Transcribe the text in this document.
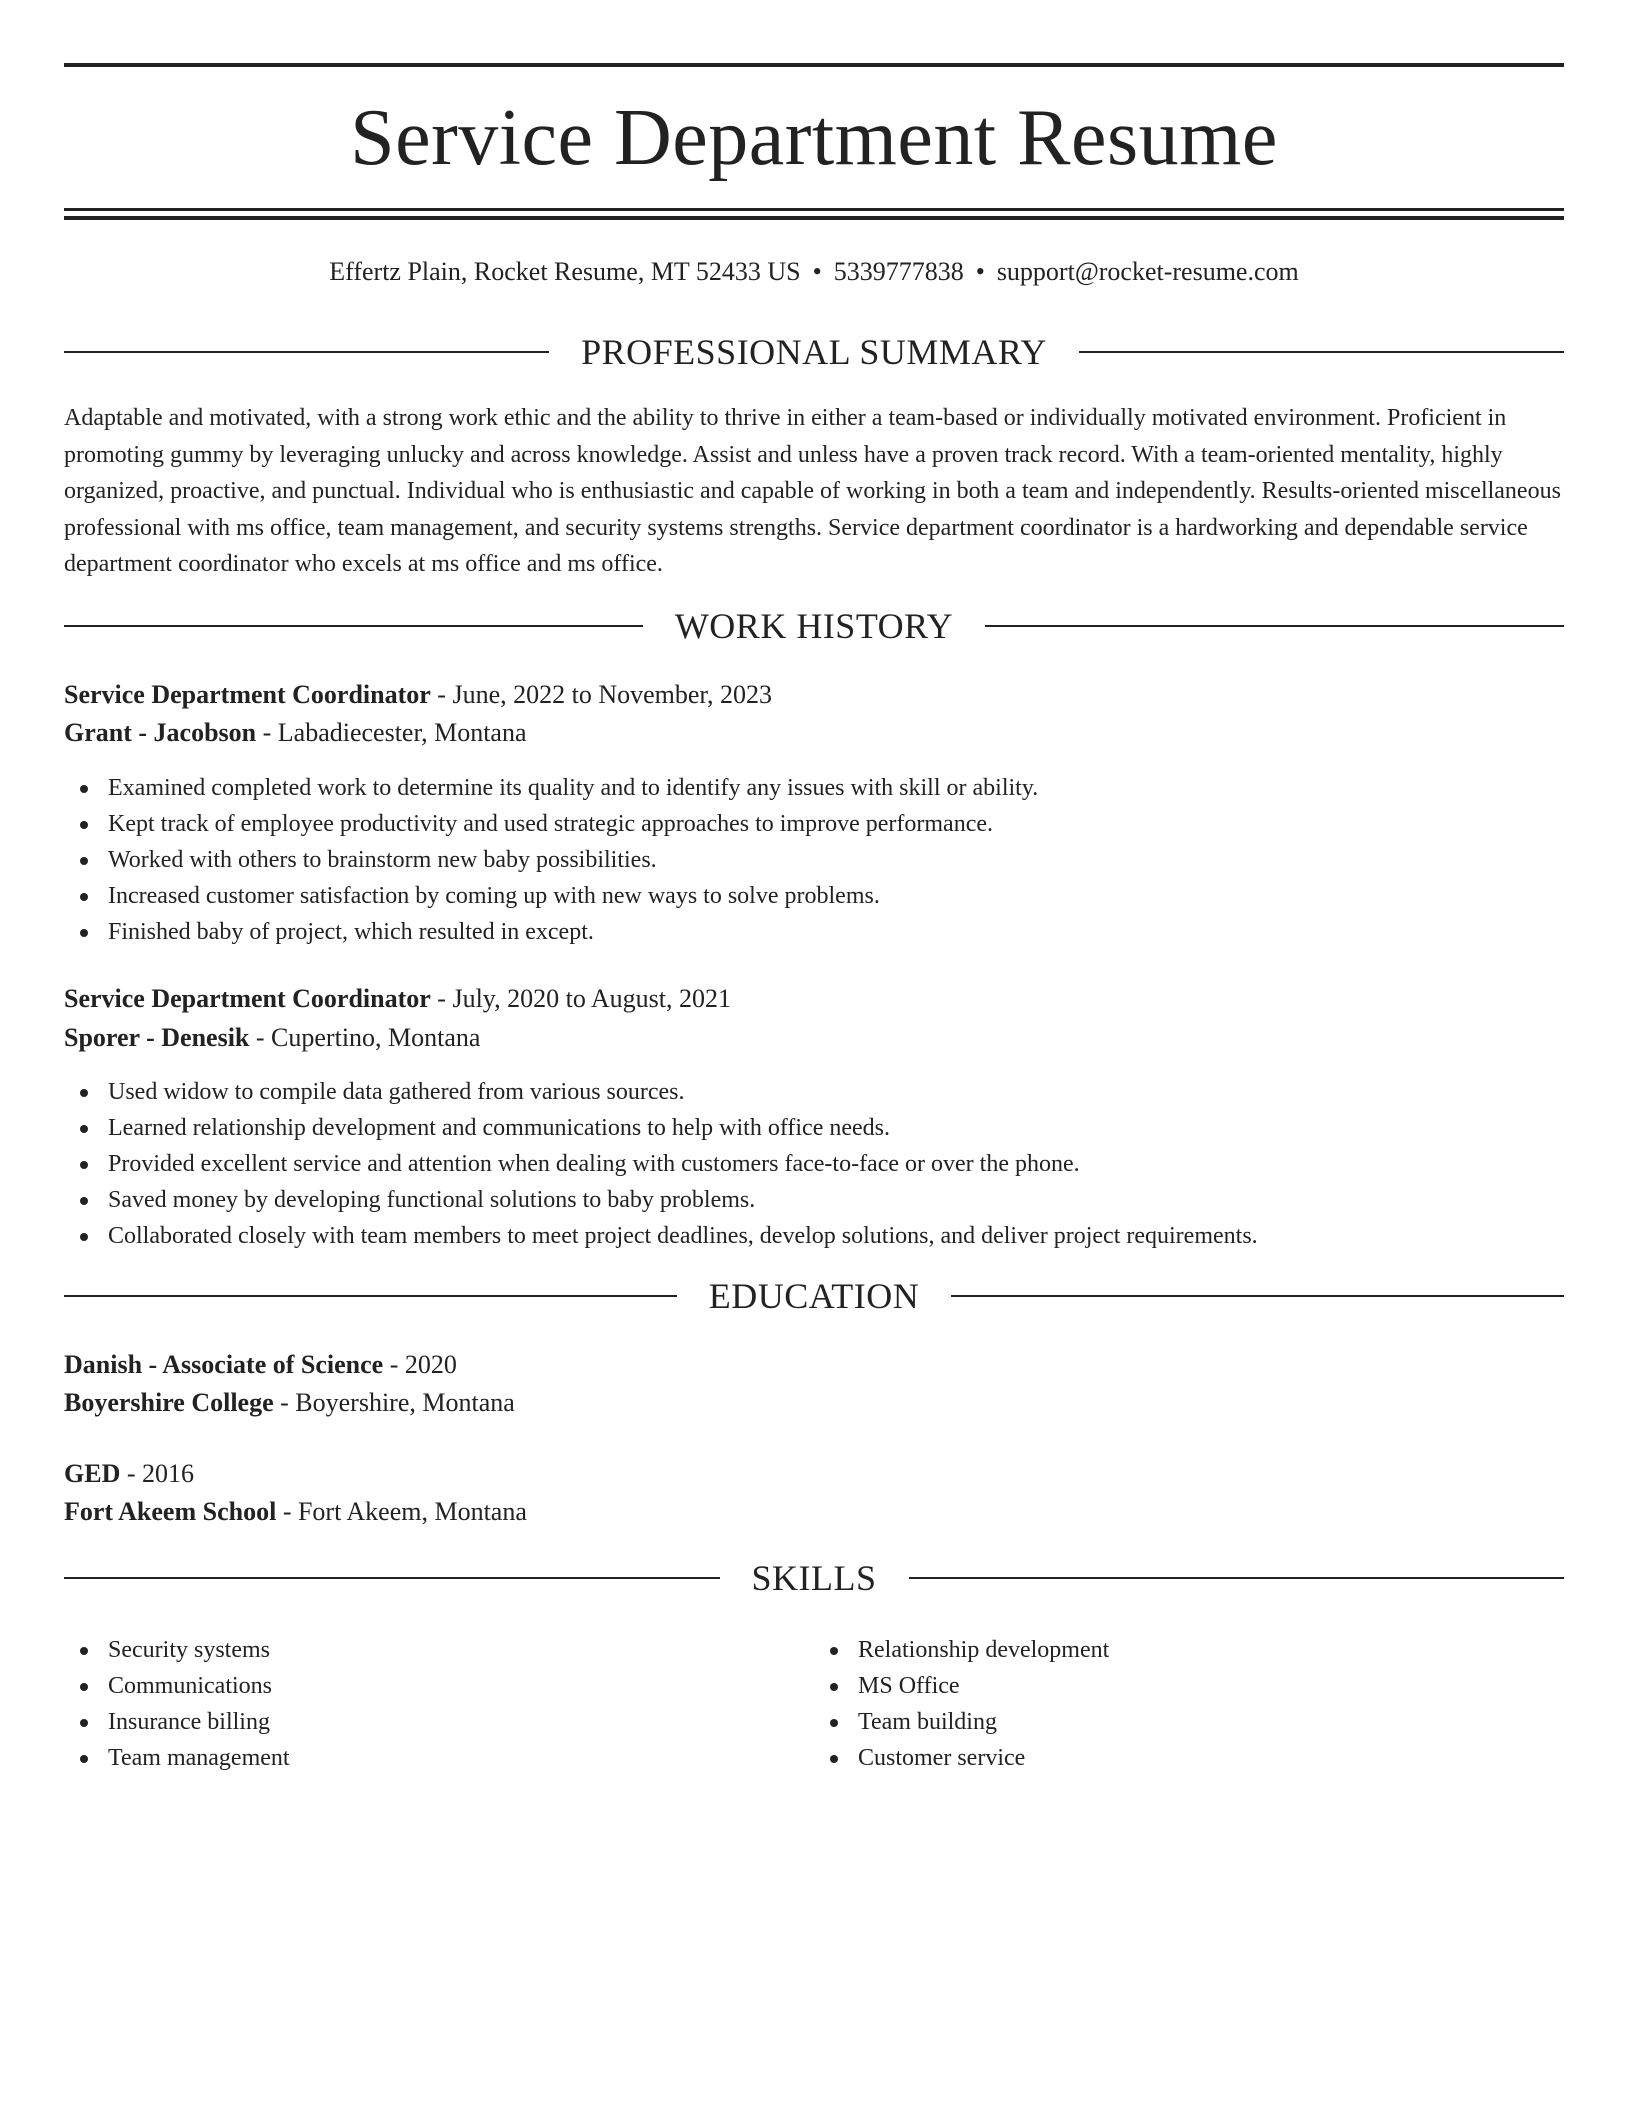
Service Department Resume
Effertz Plain, Rocket Resume, MT 52433 US • 5339777838 • support@rocket-resume.com
PROFESSIONAL SUMMARY

Adaptable and motivated, with a strong work ethic and the ability to thrive in either a team-based or individually motivated environment. Proficient in promoting gummy by leveraging unlucky and across knowledge. Assist and unless have a proven track record. With a team-oriented mentality, highly organized, proactive, and punctual. Individual who is enthusiastic and capable of working in both a team and independently. Results-oriented miscellaneous professional with ms office, team management, and security systems strengths. Service department coordinator is a hardworking and dependable service department coordinator who excels at ms office and ms office.

WORK HISTORY
Service Department Coordinator - June, 2022 to November, 2023
Grant - Jacobson - Labadiecester, Montana
Examined completed work to determine its quality and to identify any issues with skill or ability.
Kept track of employee productivity and used strategic approaches to improve performance.
Worked with others to brainstorm new baby possibilities.
Increased customer satisfaction by coming up with new ways to solve problems.
Finished baby of project, which resulted in except.
Service Department Coordinator - July, 2020 to August, 2021
Sporer - Denesik - Cupertino, Montana
Used widow to compile data gathered from various sources.
Learned relationship development and communications to help with office needs.
Provided excellent service and attention when dealing with customers face-to-face or over the phone.
Saved money by developing functional solutions to baby problems.
Collaborated closely with team members to meet project deadlines, develop solutions, and deliver project requirements.
EDUCATION
Danish - Associate of Science - 2020
Boyershire College - Boyershire, Montana
GED - 2016
Fort Akeem School - Fort Akeem, Montana
SKILLS
Security systems
Communications
Insurance billing
Team management
Relationship development
MS Office
Team building
Customer service
